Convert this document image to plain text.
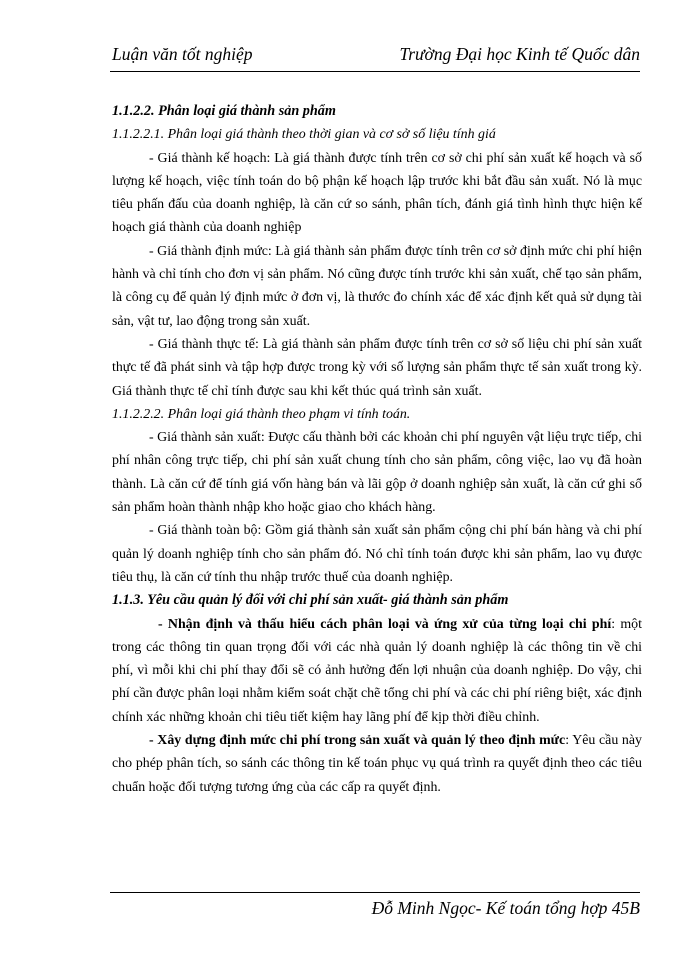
Luận văn tốt nghiệp	Trường Đại học Kinh tế Quốc dân

1.1.2.2. Phân loại giá thành sản phẩm

1.1.2.2.1. Phân loại giá thành theo thời gian và cơ sở số liệu tính giá

- Giá thành kế hoạch: Là giá thành được tính trên cơ sở chi phí sản xuất kế hoạch và số lượng kế hoạch, việc tính toán do bộ phận kế hoạch lập trước khi bắt đầu sản xuất. Nó là mục tiêu phấn đấu của doanh nghiệp, là căn cứ so sánh, phân tích, đánh giá tình hình thực hiện kế hoạch giá thành của doanh nghiệp

- Giá thành định mức: Là giá thành sản phẩm được tính trên cơ sở định mức chi phí hiện hành và chỉ tính cho đơn vị sản phẩm. Nó cũng được tính trước khi sản xuất, chế tạo sản phẩm, là công cụ để quản lý định mức ở đơn vị, là thước đo chính xác để xác định kết quả sử dụng tài sản, vật tư, lao động trong sản xuất.

- Giá thành thực tế: Là giá thành sản phẩm được tính trên cơ sở số liệu chi phí sản xuất thực tế đã phát sinh và tập hợp được trong kỳ với số lượng sản phẩm thực tế sản xuất trong kỳ. Giá thành thực tế chỉ tính được sau khi kết thúc quá trình sản xuất.

1.1.2.2.2. Phân loại giá thành theo phạm vi tính toán.

- Giá thành sản xuất: Được cấu thành bởi các khoản chi phí nguyên vật liệu trực tiếp, chi phí nhân công trực tiếp, chi phí sản xuất chung tính cho sản phẩm, công việc, lao vụ đã hoàn thành. Là căn cứ để tính giá vốn hàng bán và lãi gộp ở doanh nghiệp sản xuất, là căn cứ ghi sổ sản phẩm hoàn thành nhập kho hoặc giao cho khách hàng.

- Giá thành toàn bộ: Gồm giá thành sản xuất sản phẩm cộng chi phí bán hàng và chi phí quản lý doanh nghiệp tính cho sản phẩm đó. Nó chỉ tính toán được khi sản phẩm, lao vụ được tiêu thụ, là căn cứ tính thu nhập trước thuế của doanh nghiệp.

1.1.3. Yêu cầu quản lý đối với chi phí sản xuất- giá thành sản phẩm

- Nhận định và thấu hiểu cách phân loại và ứng xử của từng loại chi phí: một trong các thông tin quan trọng đối với các nhà quản lý doanh nghiệp là các thông tin về chi phí, vì mỗi khi chi phí thay đổi sẽ có ảnh hưởng đến lợi nhuận của doanh nghiệp. Do vậy, chi phí cần được phân loại nhằm kiểm soát chặt chẽ tổng chi phí và các chi phí riêng biệt, xác định chính xác những khoản chi tiêu tiết kiệm hay lãng phí để kịp thời điều chỉnh.

- Xây dựng định mức chi phí trong sản xuất và quản lý theo định mức: Yêu cầu này cho phép phân tích, so sánh các thông tin kế toán phục vụ quá trình ra quyết định theo các tiêu chuẩn hoặc đối tượng tương ứng của các cấp ra quyết định.

Đỗ Minh Ngọc- Kế toán tổng hợp 45B
